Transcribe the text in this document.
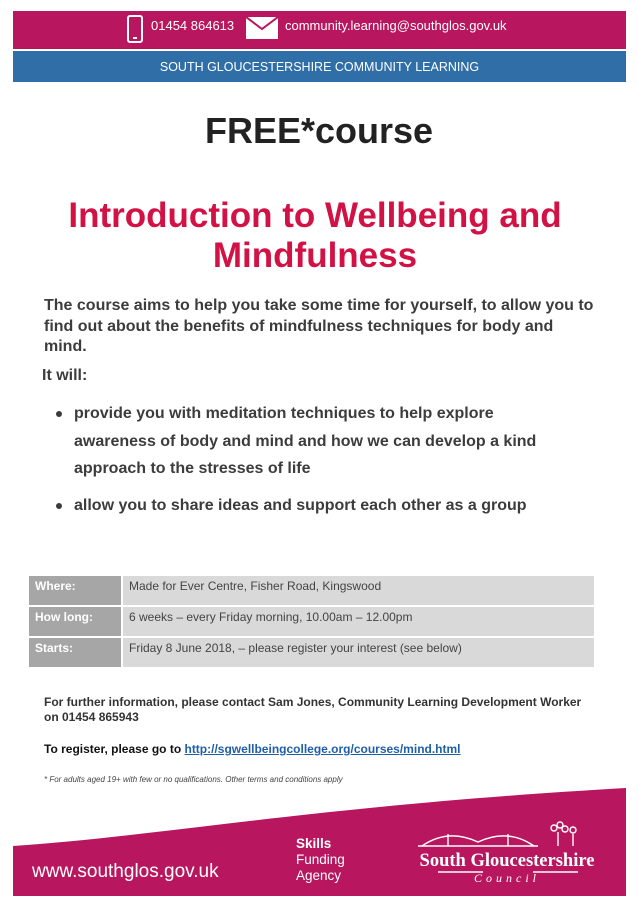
01454 864613	community.learning@southglos.gov.uk
SOUTH GLOUCESTERSHIRE COMMUNITY LEARNING
FREE*course
Introduction to Wellbeing and Mindfulness
The course aims to help you take some time for yourself, to allow you to find out about the benefits of mindfulness techniques for body and mind.
It will:
provide you with meditation techniques to help explore awareness of body and mind and how we can develop a kind approach to the stresses of life
allow you to share ideas and support each other as a group
Where:	Made for Ever Centre, Fisher Road, Kingswood
How long:	6 weeks – every Friday morning, 10.00am – 12.00pm
Starts:	Friday 8 June 2018, – please register your interest (see below)
For further information, please contact Sam Jones, Community Learning Development Worker on 01454 865943
To register, please go to http://sgwellbeingcollege.org/courses/mind.html
* For adults aged 19+ with few or no qualifications. Other terms and conditions apply
www.southglos.gov.uk
Skills
Funding
Agency
South Gloucestershire
Council
